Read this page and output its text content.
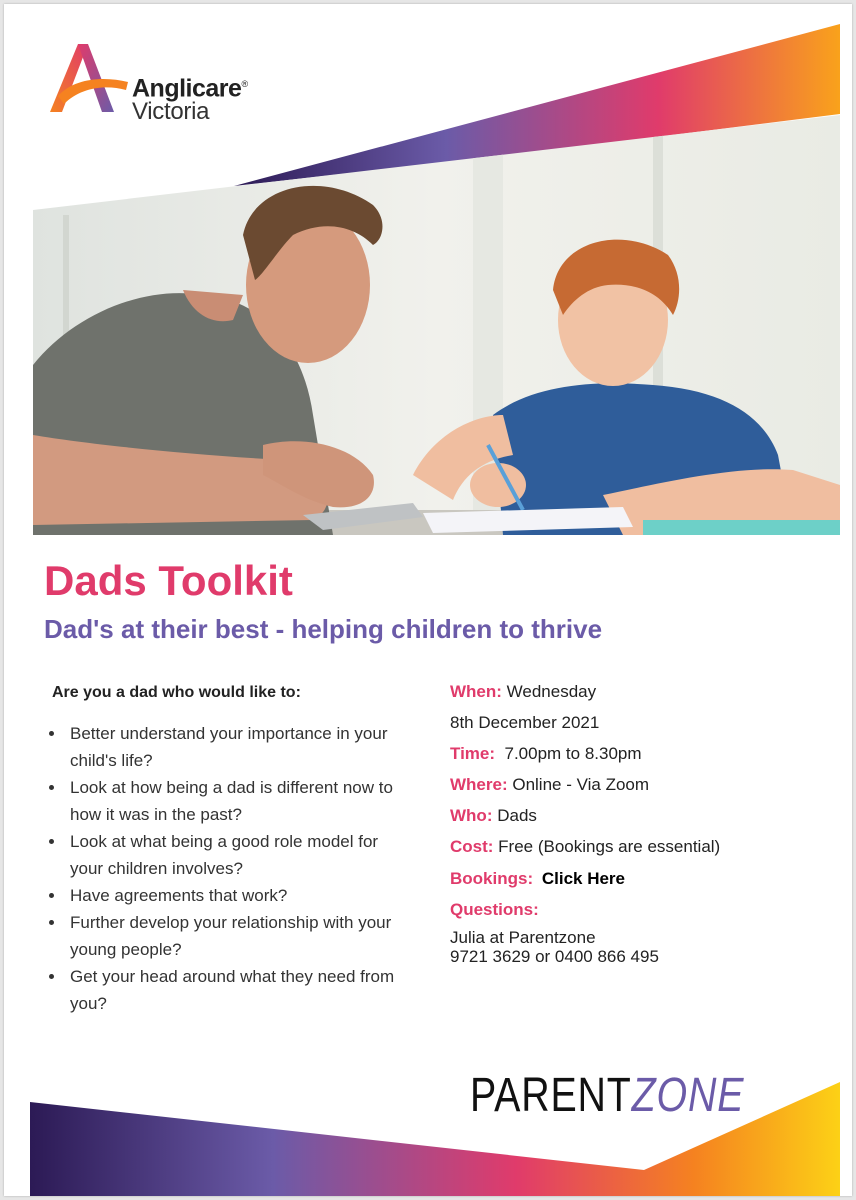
Anglicare®
Victoria
Dads Toolkit
Dad's at their best - helping children to thrive
Are you a dad who would like to:
• Better understand your importance in your child's life?
• Look at how being a dad is different now to how it was in the past?
• Look at what being a good role model for your children involves?
• Have agreements that work?
• Further develop your relationship with your young people?
• Get your head around what they need from you?
When: Wednesday
8th December 2021
Time:  7.00pm to 8.30pm
Where: Online - Via Zoom
Who: Dads
Cost: Free (Bookings are essential)
Bookings: Click Here
Questions:
Julia at Parentzone
9721 3629 or 0400 866 495
PARENTZONE
